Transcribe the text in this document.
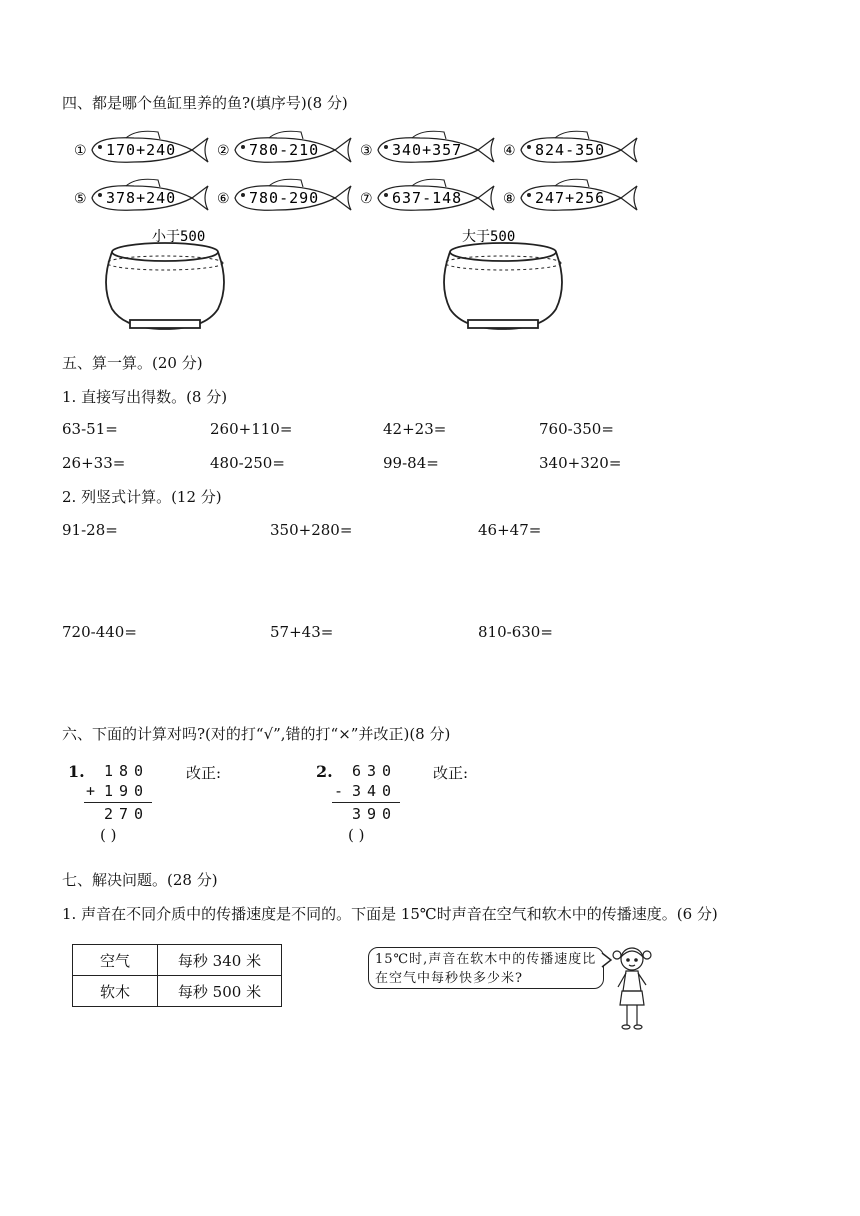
四、都是哪个鱼缸里养的鱼?(填序号)(8 分)
① 170+240	② 780-210	③ 340+357	④ 824-350
⑤ 378+240	⑥ 780-290	⑦ 637-148	⑧ 247+256
小于500	大于500
五、算一算。(20 分)
1. 直接写出得数。(8 分)
63-51=	260+110=	42+23=	760-350=
26+33=	480-250=	99-84=	340+320=
2. 列竖式计算。(12 分)
91-28=	350+280=	46+47=
720-440=	57+43=	810-630=
六、下面的计算对吗?(对的打“√”,错的打“×”并改正)(8 分)
1. 180
+ 190
270
( )
改正:	2. 630
- 340
390
( )
改正:
七、解决问题。(28 分)
1. 声音在不同介质中的传播速度是不同的。下面是 15℃时声音在空气和软木中的传播速度。(6 分)
空气	每秒 340 米
软木	每秒 500 米
15℃时,声音在软木中的传播速度比在空气中每秒快多少米?
